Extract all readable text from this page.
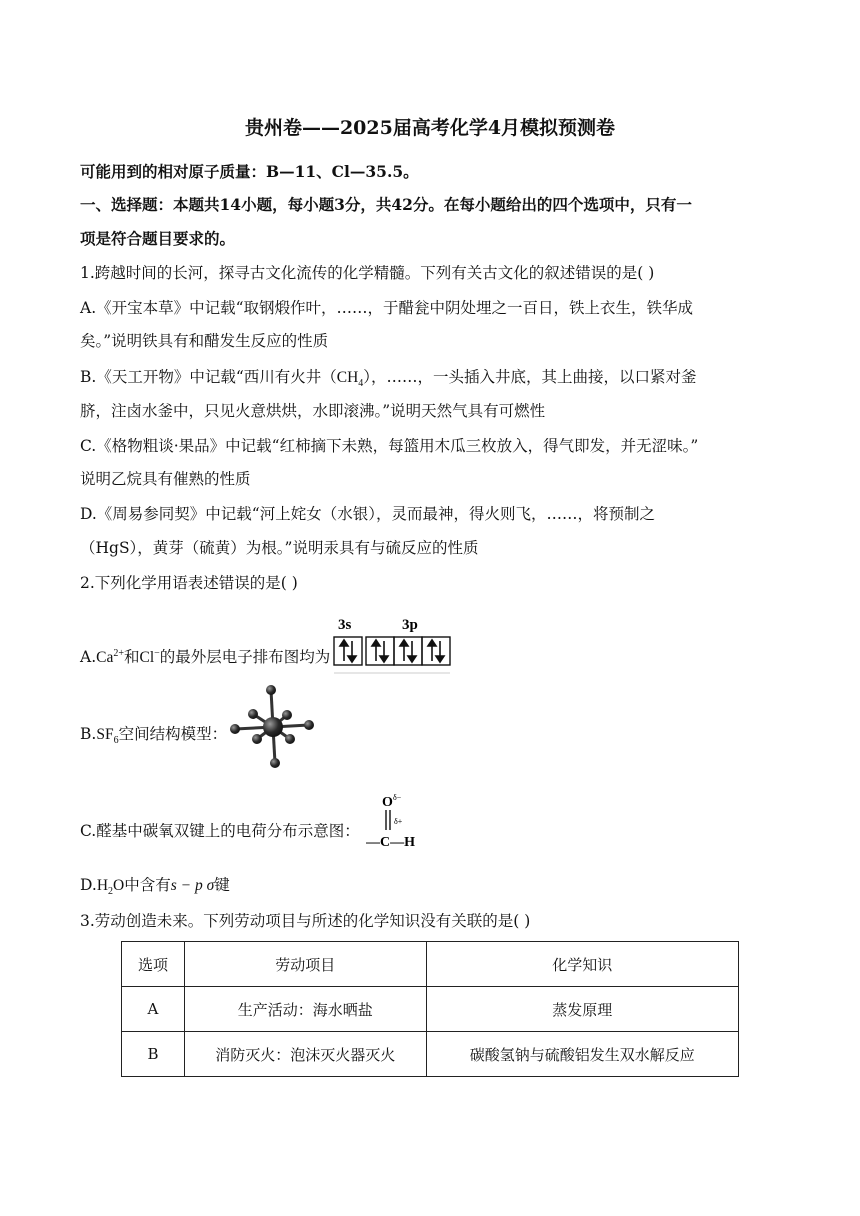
贵州卷——2025届高考化学4月模拟预测卷
可能用到的相对原子质量：B—11、Cl—35.5。
一、选择题：本题共14小题，每小题3分，共42分。在每小题给出的四个选项中，只有一
项是符合题目要求的。
1.跨越时间的长河，探寻古文化流传的化学精髓。下列有关古文化的叙述错误的是( )
A.《开宝本草》中记载“取钢煅作叶，……，于醋瓮中阴处埋之一百日，铁上衣生，铁华成
矣。”说明铁具有和醋发生反应的性质
B.《天工开物》中记载“西川有火井$(CH_4)$，……，一头插入井底，其上曲接，以口紧对釜
脐，注卤水釜中，只见火意烘烘，水即滚沸。”说明天然气具有可燃性
C.《格物粗谈·果品》中记载“红柿摘下未熟，每篮用木瓜三枚放入，得气即发，并无涩味。”
说明乙烷具有催熟的性质
D.《周易参同契》中记载“河上姹女（水银），灵而最神，得火则飞，……，将预制之
（HgS），黄芽（硫黄）为根。”说明汞具有与硫反应的性质
2.下列化学用语表述错误的是( )
$A.Ca^{2+}$和Cl−的最外层电子排布图均为
3s	3p
$B.SF_6$空间结构模型：
C.醛基中碳氧双键上的电荷分布示意图：
O δ−
δ+
—C—H
$D.H_2O$中含有s − p σ键
3.劳动创造未来。下列劳动项目与所述的化学知识没有关联的是( )
选项	劳动项目	化学知识
A	生产活动：海水晒盐	蒸发原理
B	消防灭火：泡沫灭火器灭火	碳酸氢钠与硫酸铝发生双水解反应
